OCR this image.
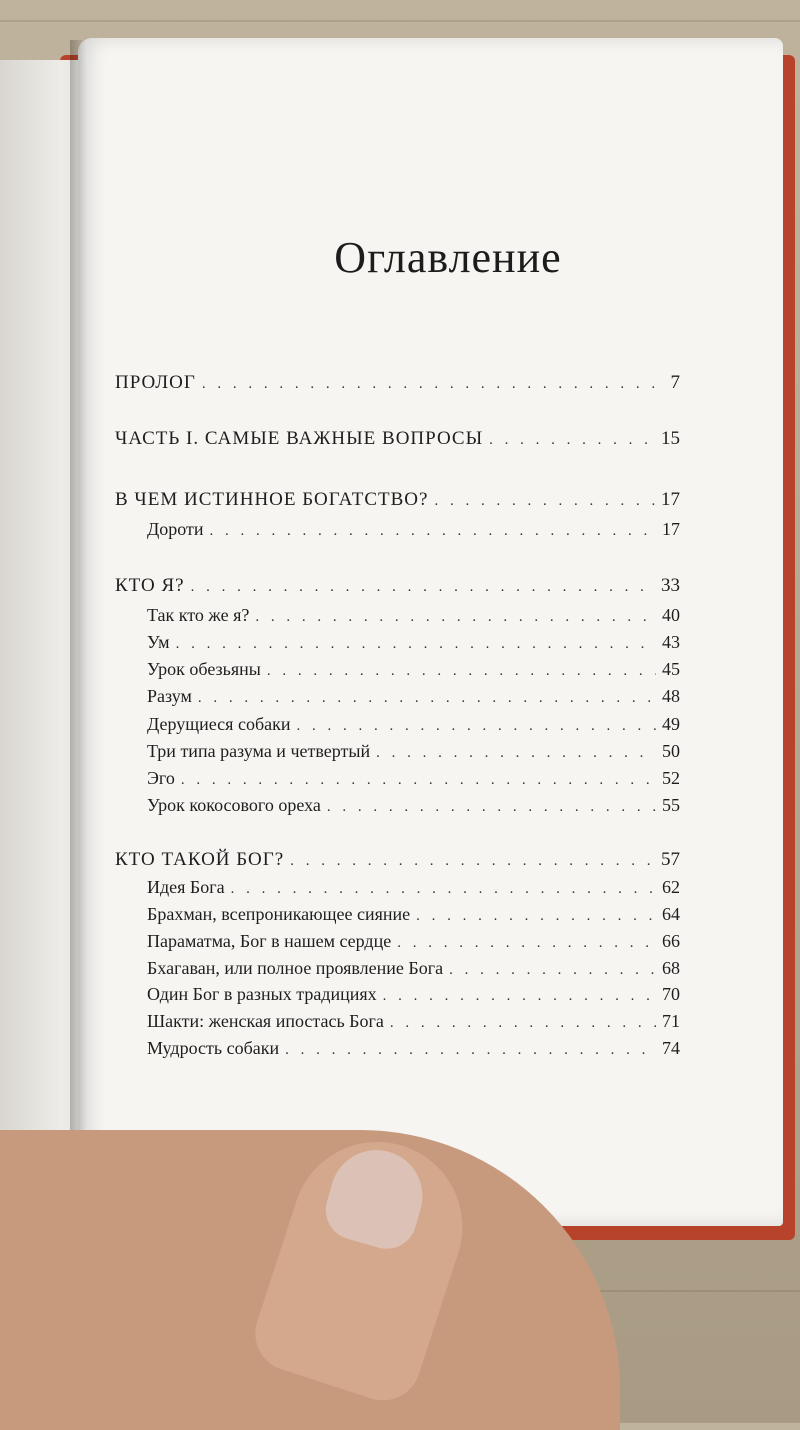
Оглавление
ПРОЛОГ . . .	7
ЧАСТЬ I. САМЫЕ ВАЖНЫЕ ВОПРОСЫ . . .	15
В ЧЕМ ИСТИННОЕ БОГАТСТВО? . . .	17
Дороти . . .	17
КТО Я? . . .	33
Так кто же я? . . .	40
Ум . . .	43
Урок обезьяны . . .	45
Разум . . .	48
Дерущиеся собаки . . .	49
Три типа разума и четвертый . . .	50
Эго . . .	52
Урок кокосового ореха . . .	55
КТО ТАКОЙ БОГ? . . .	57
Идея Бога . . .	62
Брахман, всепроникающее сияние . . .	64
Параматма, Бог в нашем сердце . . .	66
Бхагаван, или полное проявление Бога . . .	68
Один Бог в разных традициях . . .	70
Шакти: женская ипостась Бога . . .	71
Мудрость собаки . . .	74
